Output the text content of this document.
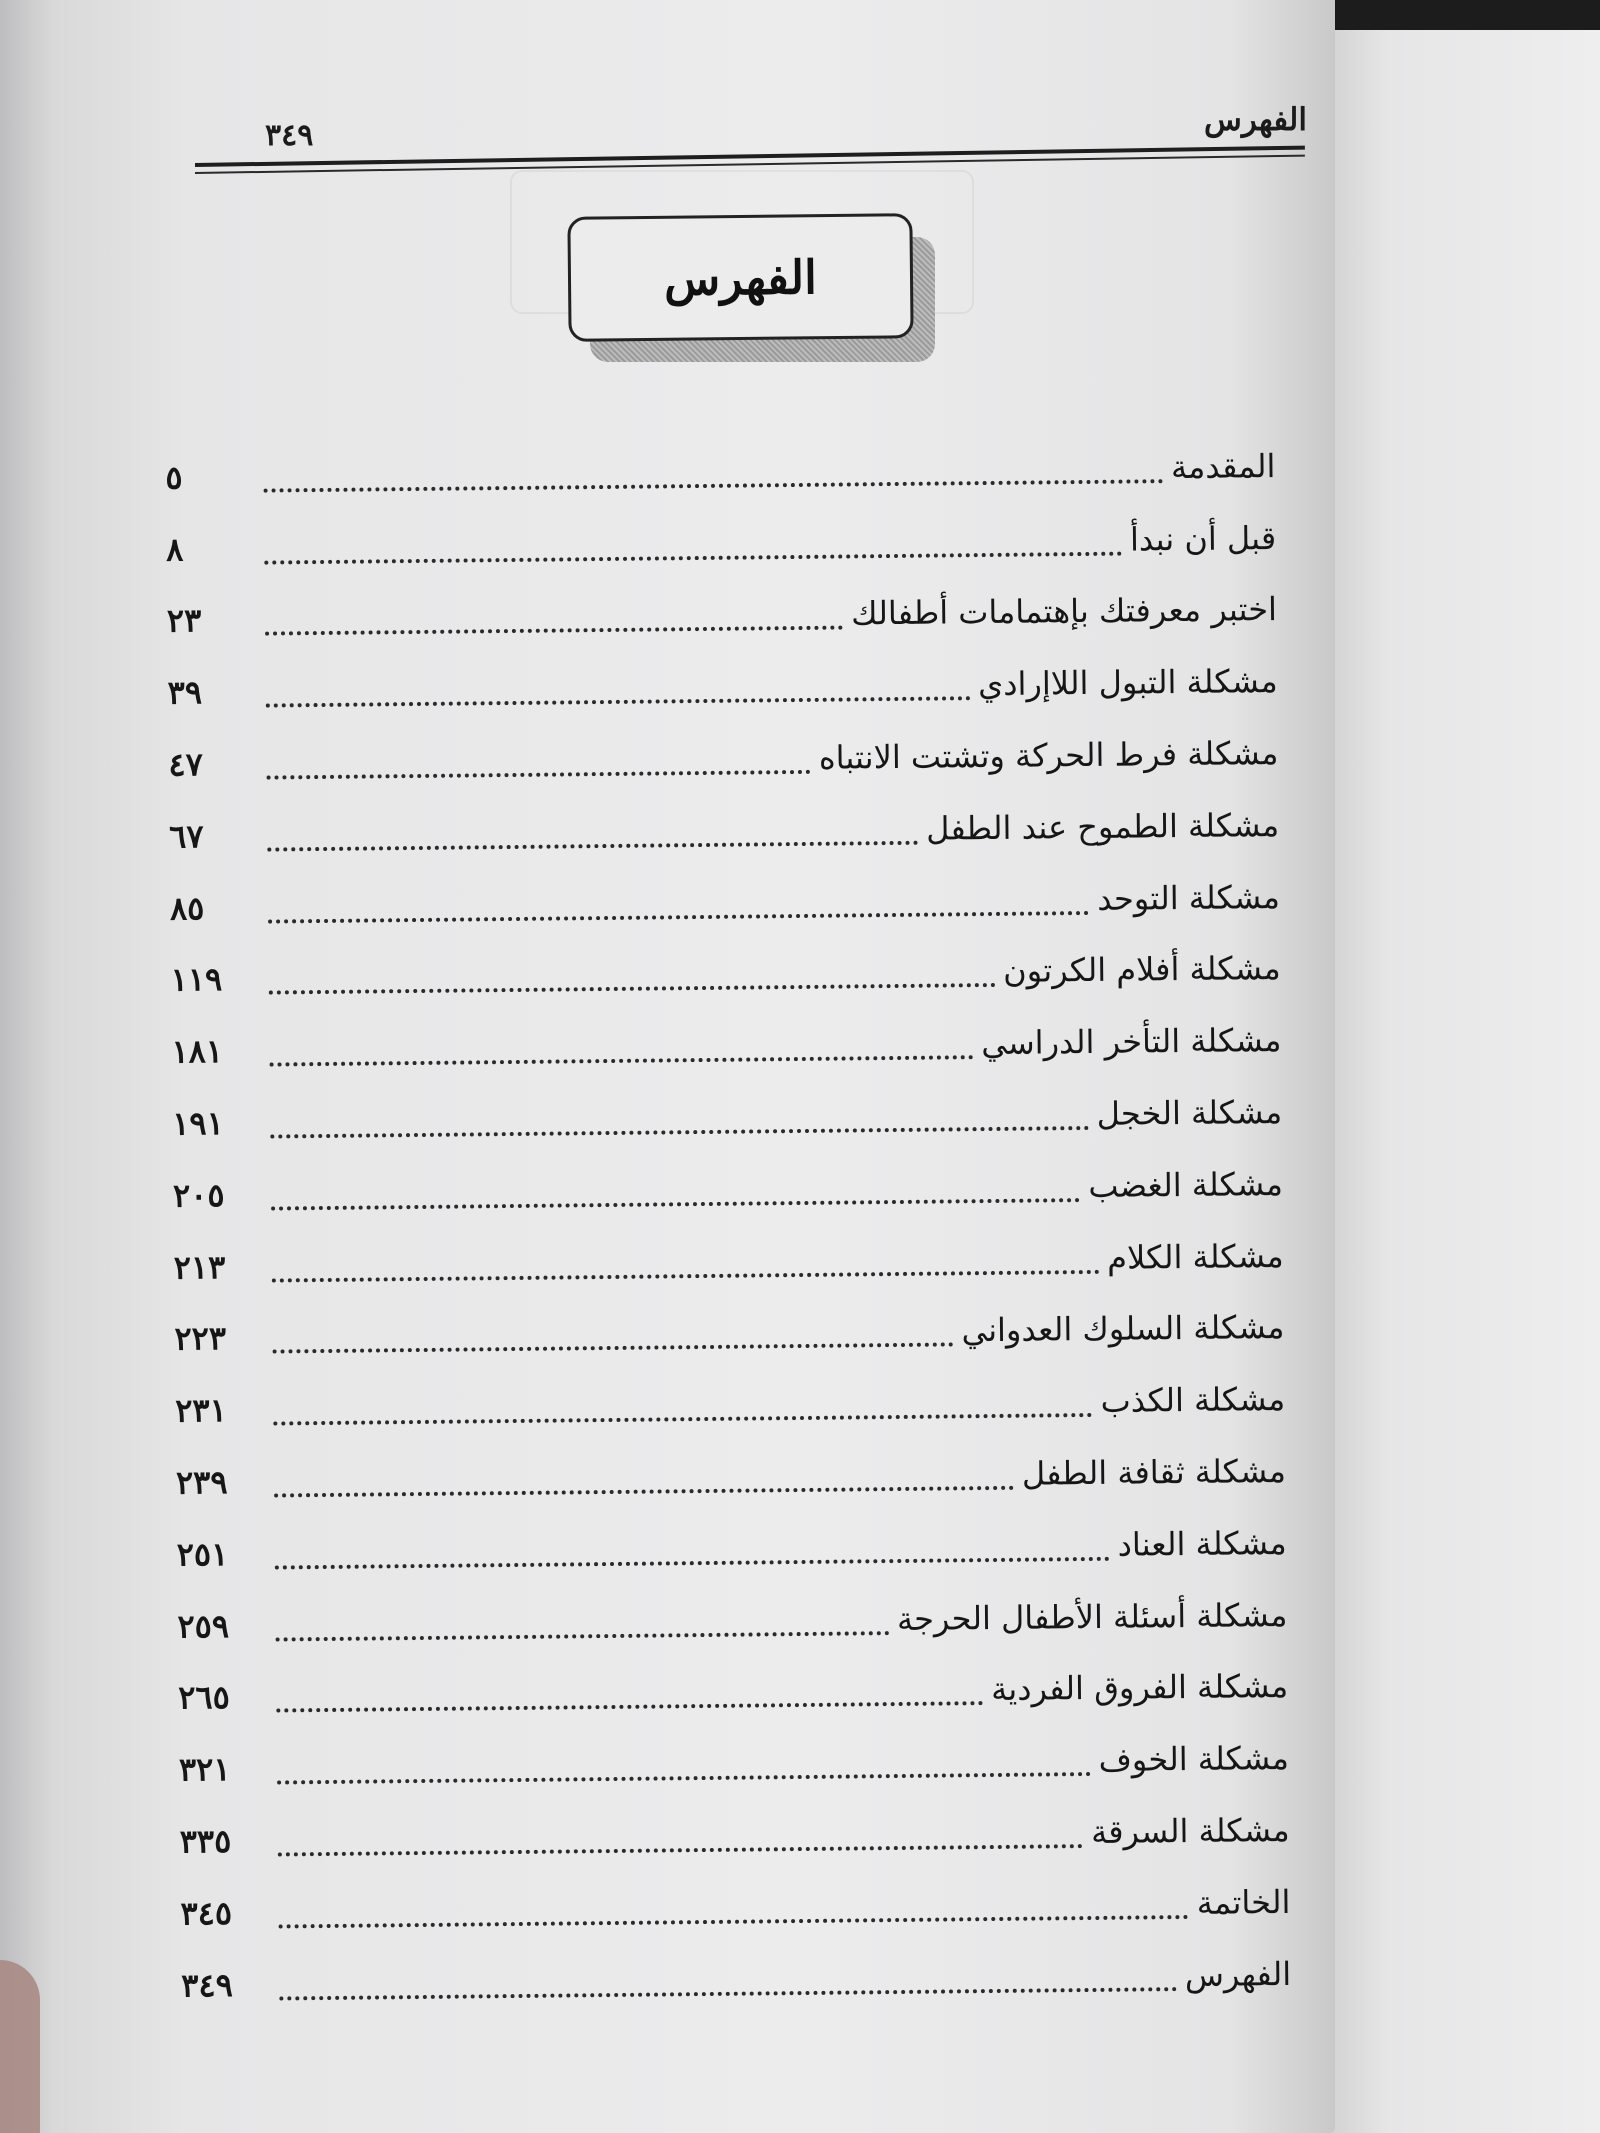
٣٤٩	الفهرس
الفهرس
المقدمة
٥
قبل أن نبدأ
٨
اختبر معرفتك بإهتمامات أطفالك
٢٣
مشكلة التبول اللاإرادي
٣٩
مشكلة فرط الحركة وتشتت الانتباه
٤٧
مشكلة الطموح عند الطفل
٦٧
مشكلة التوحد
٨٥
مشكلة أفلام الكرتون
١١٩
مشكلة التأخر الدراسي
١٨١
مشكلة الخجل
١٩١
مشكلة الغضب
٢٠٥
مشكلة الكلام
٢١٣
مشكلة السلوك العدواني
٢٢٣
مشكلة الكذب
٢٣١
مشكلة ثقافة الطفل
٢٣٩
مشكلة العناد
٢٥١
مشكلة أسئلة الأطفال الحرجة
٢٥٩
مشكلة الفروق الفردية
٢٦٥
مشكلة الخوف
٣٢١
مشكلة السرقة
٣٣٥
الخاتمة
٣٤٥
الفهرس
٣٤٩
